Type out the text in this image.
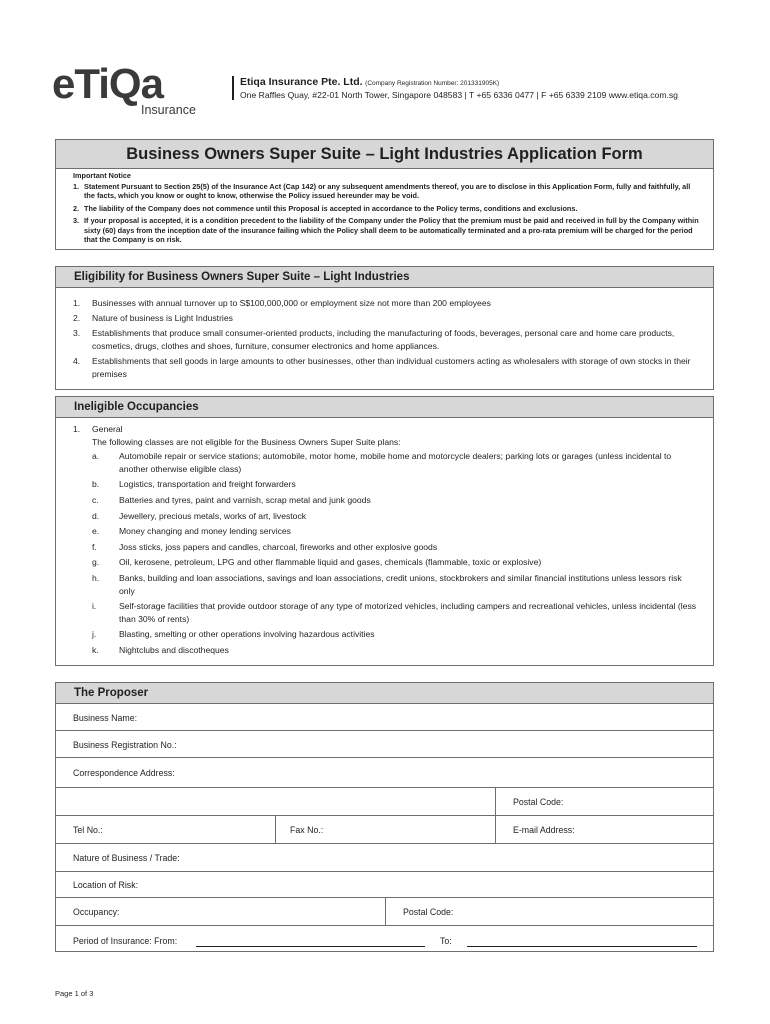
eTiQa
Insurance
Etiqa Insurance Pte. Ltd. (Company Registration Number: 201331905K)
One Raffles Quay, #22-01 North Tower, Singapore 048583 | T +65 6336 0477 | F +65 6339 2109 www.etiqa.com.sg
Business Owners Super Suite – Light Industries Application Form
Important Notice
1. Statement Pursuant to Section 25(5) of the Insurance Act (Cap 142) or any subsequent amendments thereof, you are to disclose in this Application Form, fully and faithfully, all the facts, which you know or ought to know, otherwise the Policy issued hereunder may be void.
2. The liability of the Company does not commence until this Proposal is accepted in accordance to the Policy terms, conditions and exclusions.
3. If your proposal is accepted, it is a condition precedent to the liability of the Company under the Policy that the premium must be paid and received in full by the Company within sixty (60) days from the inception date of the insurance failing which the Policy shall deem to be automatically terminated and a pro-rata premium will be charged for the period that the Company is on risk.
Eligibility for Business Owners Super Suite – Light Industries
1.	Businesses with annual turnover up to S$100,000,000 or employment size not more than 200 employees
2.	Nature of business is Light Industries
3.	Establishments that produce small consumer-oriented products, including the manufacturing of foods, beverages, personal care and home care products, cosmetics, drugs, clothes and shoes, furniture, consumer electronics and home appliances.
4.	Establishments that sell goods in large amounts to other businesses, other than individual customers acting as wholesalers with storage of own stocks in their premises
Ineligible Occupancies
1.	General
The following classes are not eligible for the Business Owners Super Suite plans:
a.	Automobile repair or service stations; automobile, motor home, mobile home and motorcycle dealers; parking lots or garages (unless incidental to another otherwise eligible class)
b.	Logistics, transportation and freight forwarders
c.	Batteries and tyres, paint and varnish, scrap metal and junk goods
d.	Jewellery, precious metals, works of art, livestock
e.	Money changing and money lending services
f.	Joss sticks, joss papers and candles, charcoal, fireworks and other explosive goods
g.	Oil, kerosene, petroleum, LPG and other flammable liquid and gases, chemicals (flammable, toxic or explosive)
h.	Banks, building and loan associations, savings and loan associations, credit unions, stockbrokers and similar financial institutions unless lessors risk only
i.	Self-storage facilities that provide outdoor storage of any type of motorized vehicles, including campers and recreational vehicles, unless incidental (less than 30% of rents)
j.	Blasting, smelting or other operations involving hazardous activities
k.	Nightclubs and discotheques
The Proposer
Business Name:
Business Registration No.:
Correspondence Address:
Postal Code:
Tel No.:	Fax No.:	E-mail Address:
Nature of Business / Trade:
Location of Risk:
Occupancy:	Postal Code:
Period of Insurance: From:	To:
Page 1 of 3
